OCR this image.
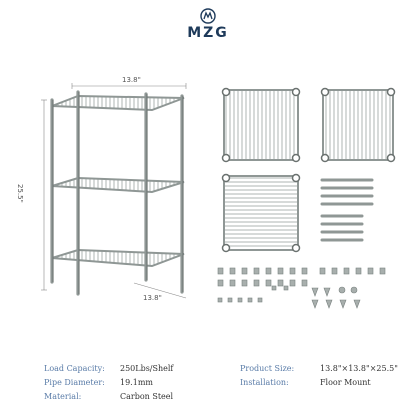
MZG
13.8"
25.5"
13.8"
Load Capacity: 250Lbs/Shelf
Pipe Diameter: 19.1mm
Material:	Carbon Steel
Product Size:	13.8"×13.8"×25.5"
Installation:	Floor Mount
